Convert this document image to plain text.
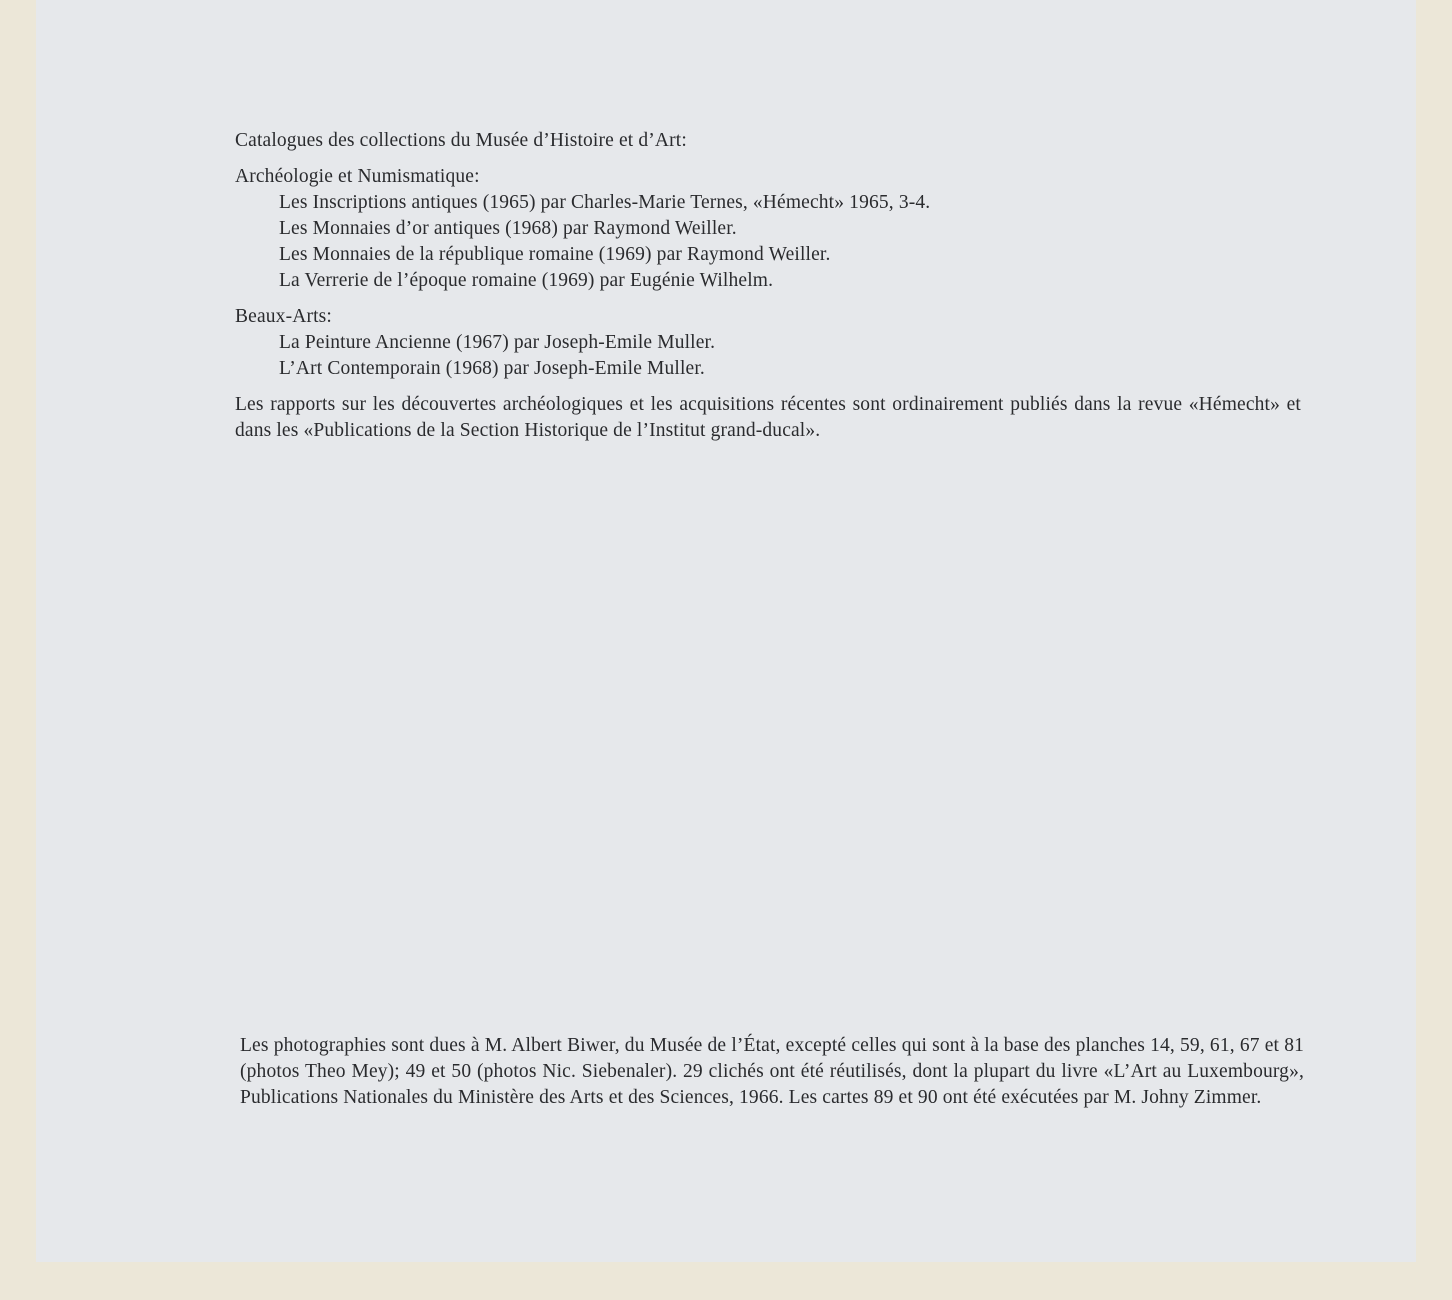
Catalogues des collections du Musée d’Histoire et d’Art:
Archéologie et Numismatique:
Les Inscriptions antiques (1965) par Charles-Marie Ternes, «Hémecht» 1965, 3-4.
Les Monnaies d’or antiques (1968) par Raymond Weiller.
Les Monnaies de la république romaine (1969) par Raymond Weiller.
La Verrerie de l’époque romaine (1969) par Eugénie Wilhelm.
Beaux-Arts:
La Peinture Ancienne (1967) par Joseph-Emile Muller.
L’Art Contemporain (1968) par Joseph-Emile Muller.

Les rapports sur les découvertes archéologiques et les acquisitions récentes sont ordinairement publiés dans la revue «Hémecht» et dans les «Publications de la Section Historique de l’Institut grand-ducal».

Les photographies sont dues à M. Albert Biwer, du Musée de l’État, excepté celles qui sont à la base des planches 14, 59, 61, 67 et 81 (photos Theo Mey); 49 et 50 (photos Nic. Siebenaler). 29 clichés ont été réutilisés, dont la plupart du livre «L’Art au Luxembourg», Publications Nationales du Ministère des Arts et des Sciences, 1966. Les cartes 89 et 90 ont été exécutées par M. Johny Zimmer.
